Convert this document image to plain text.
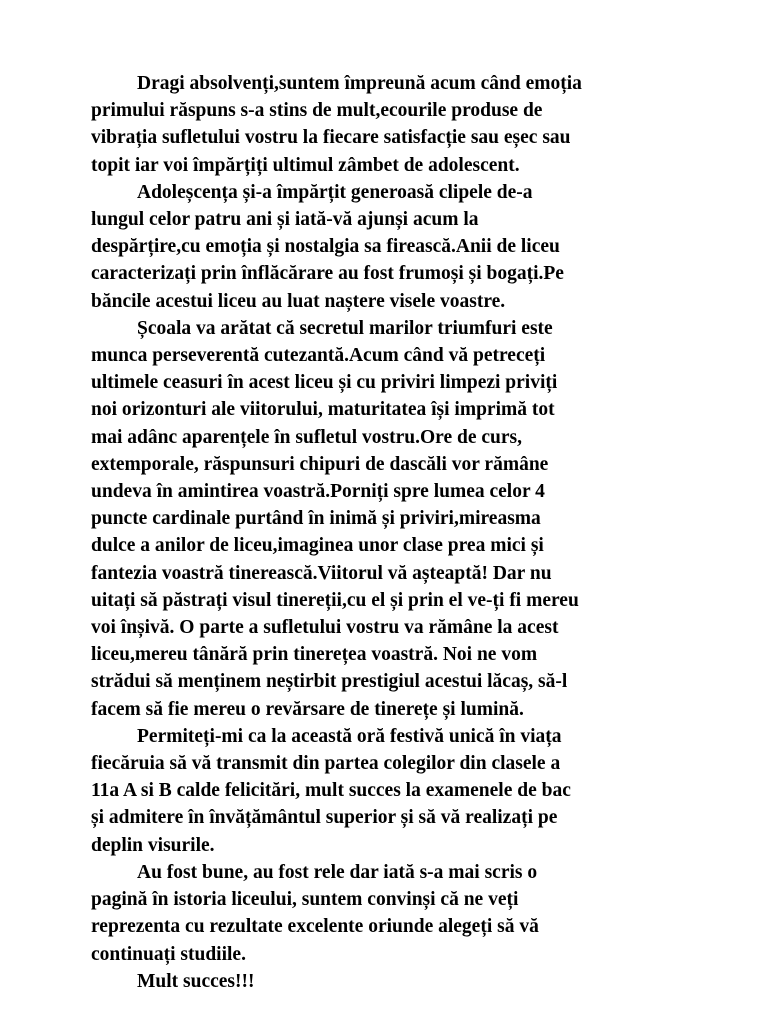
Dragi absolvenți,suntem împreună acum când emoția
primului răspuns s-a stins de mult,ecourile produse de
vibrația sufletului vostru la fiecare satisfacție sau eșec sau
topit iar voi împărțiți ultimul zâmbet de adolescent.
Adoleșcența și-a împărțit generoasă clipele de-a
lungul celor patru ani și iată-vă ajunși acum la
despărțire,cu emoția și nostalgia sa firească.Anii de liceu
caracterizați prin înflăcărare au fost frumoși și bogați.Pe
băncile acestui liceu au luat naștere visele voastre.
Școala va arătat că secretul marilor triumfuri este
munca perseverentă cutezantă.Acum când vă petreceți
ultimele ceasuri în acest liceu și cu priviri limpezi priviți
noi orizonturi ale viitorului, maturitatea își imprimă tot
mai adânc aparențele în sufletul vostru.Ore de curs,
extemporale, răspunsuri chipuri de dascăli vor rămâne
undeva în amintirea voastră.Porniți spre lumea celor 4
puncte cardinale purtând în inimă și priviri,mireasma
dulce a anilor de liceu,imaginea unor clase prea mici și
fantezia voastră tinerească.Viitorul vă așteaptă! Dar nu
uitați să păstrați visul tinereții,cu el și prin el ve-ți fi mereu
voi înșivă. O parte a sufletului vostru va rămâne la acest
liceu,mereu tânără prin tinerețea voastră. Noi ne vom
strădui să menținem neștirbit prestigiul acestui lăcaș, să-l
facem să fie mereu o revărsare de tinerețe și lumină.
Permiteți-mi ca la această oră festivă unică în viața
fiecăruia să vă transmit din partea colegilor din clasele a
11a A si B calde felicitări, mult succes la examenele de bac
și admitere în învățământul superior și să vă realizați pe
deplin visurile.
Au fost bune, au fost rele dar iată s-a mai scris o
pagină în istoria liceului, suntem convinși că ne veți
reprezenta cu rezultate excelente oriunde alegeți să vă
continuați studiile.
Mult succes!!!
